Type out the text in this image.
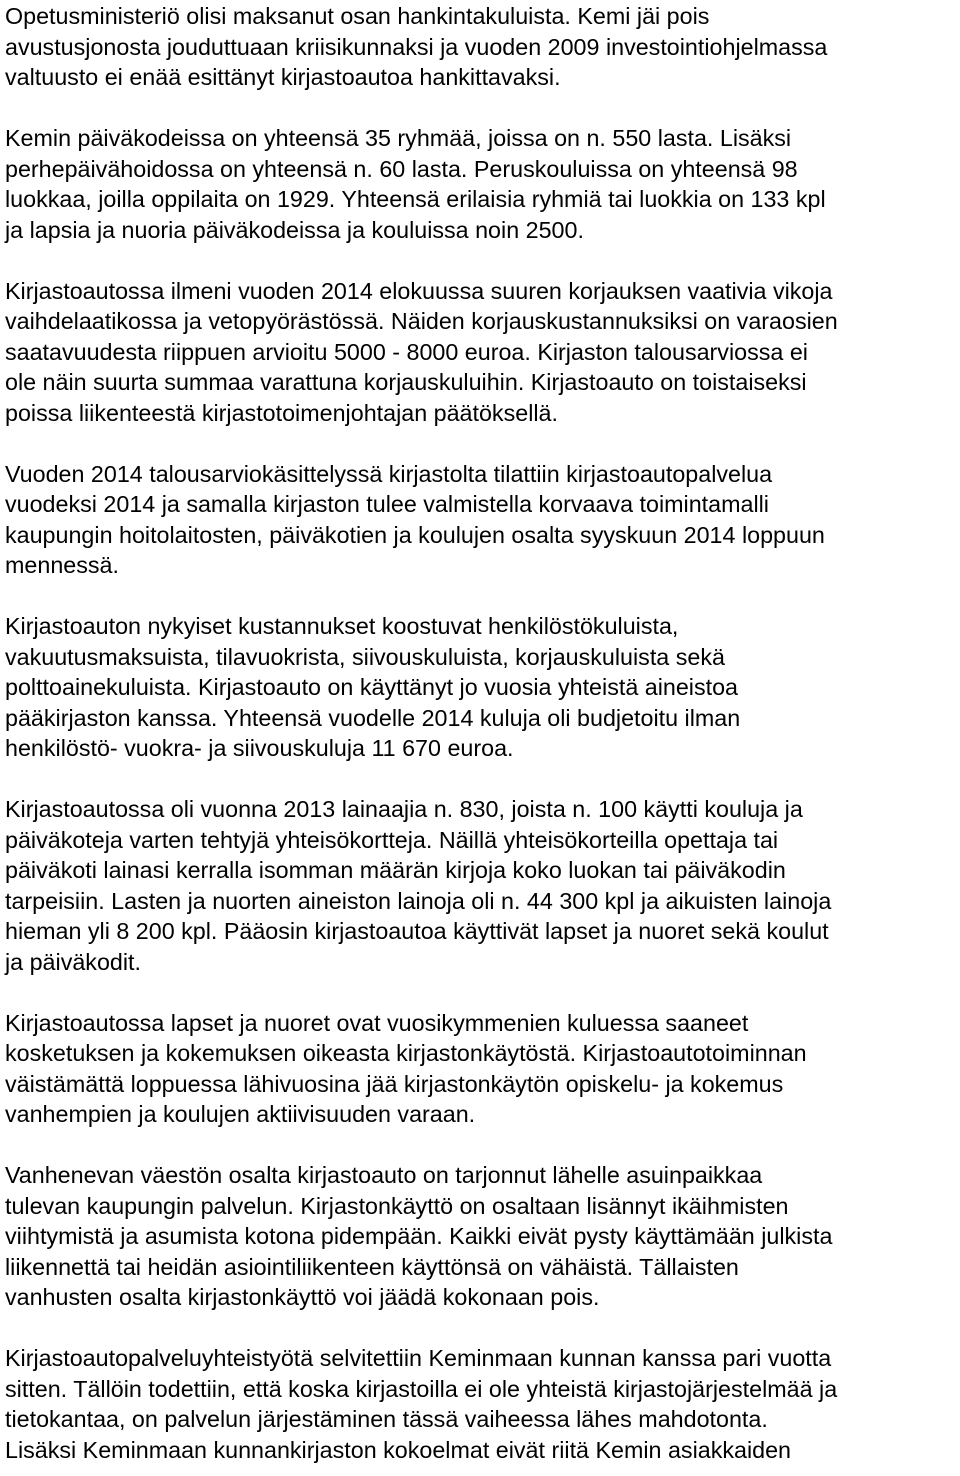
Opetusministeriö olisi maksanut osan hankintakuluista. Kemi jäi pois
avustusjonosta jouduttuaan kriisikunnaksi ja vuoden 2009 investointiohjelmassa
valtuusto ei enää esittänyt kirjastoautoa hankittavaksi.

Kemin päiväkodeissa on yhteensä 35 ryhmää, joissa on n. 550 lasta. Lisäksi
perhepäivähoidossa on yhteensä n. 60 lasta. Peruskouluissa on yhteensä 98
luokkaa, joilla oppilaita on 1929. Yhteensä erilaisia ryhmiä tai luokkia on 133 kpl
ja lapsia ja nuoria päiväkodeissa ja kouluissa noin 2500.

Kirjastoautossa ilmeni vuoden 2014 elokuussa suuren korjauksen vaativia vikoja
vaihdelaatikossa ja vetopyörästössä. Näiden korjauskustannuksiksi on varaosien
saatavuudesta riippuen arvioitu 5000 - 8000 euroa. Kirjaston talousarviossa ei
ole näin suurta summaa varattuna korjauskuluihin. Kirjastoauto on toistaiseksi
poissa liikenteestä kirjastotoimenjohtajan päätöksellä.

Vuoden 2014 talousarviokäsittelyssä kirjastolta tilattiin kirjastoautopalvelua
vuodeksi 2014 ja samalla kirjaston tulee valmistella korvaava toimintamalli
kaupungin hoitolaitosten, päiväkotien ja koulujen osalta syyskuun 2014 loppuun
mennessä.

Kirjastoauton nykyiset kustannukset koostuvat henkilöstökuluista,
vakuutusmaksuista, tilavuokrista, siivouskuluista, korjauskuluista sekä
polttoainekuluista. Kirjastoauto on käyttänyt jo vuosia yhteistä aineistoa
pääkirjaston kanssa. Yhteensä vuodelle 2014 kuluja oli budjetoitu ilman
henkilöstö- vuokra- ja siivouskuluja 11 670 euroa.

Kirjastoautossa oli vuonna 2013 lainaajia n. 830, joista n. 100 käytti kouluja ja
päiväkoteja varten tehtyjä yhteisökortteja. Näillä yhteisökorteilla opettaja tai
päiväkoti lainasi kerralla isomman määrän kirjoja koko luokan tai päiväkodin
tarpeisiin. Lasten ja nuorten aineiston lainoja oli n. 44 300 kpl ja aikuisten lainoja
hieman yli 8 200 kpl. Pääosin kirjastoautoa käyttivät lapset ja nuoret sekä koulut
ja päiväkodit.

Kirjastoautossa lapset ja nuoret ovat vuosikymmenien kuluessa saaneet
kosketuksen ja kokemuksen oikeasta kirjastonkäytöstä. Kirjastoautotoiminnan
väistämättä loppuessa lähivuosina jää kirjastonkäytön opiskelu- ja kokemus
vanhempien ja koulujen aktiivisuuden varaan.

Vanhenevan väestön osalta kirjastoauto on tarjonnut lähelle asuinpaikkaa
tulevan kaupungin palvelun. Kirjastonkäyttö on osaltaan lisännyt ikäihmisten
viihtymistä ja asumista kotona pidempään. Kaikki eivät pysty käyttämään julkista
liikennettä tai heidän asiointiliikenteen käyttönsä on vähäistä. Tällaisten
vanhusten osalta kirjastonkäyttö voi jäädä kokonaan pois.

Kirjastoautopalveluyhteistyötä selvitettiin Keminmaan kunnan kanssa pari vuotta
sitten. Tällöin todettiin, että koska kirjastoilla ei ole yhteistä kirjastojärjestelmää ja
tietokantaa, on palvelun järjestäminen tässä vaiheessa lähes mahdotonta.
Lisäksi Keminmaan kunnankirjaston kokoelmat eivät riitä Kemin asiakkaiden
